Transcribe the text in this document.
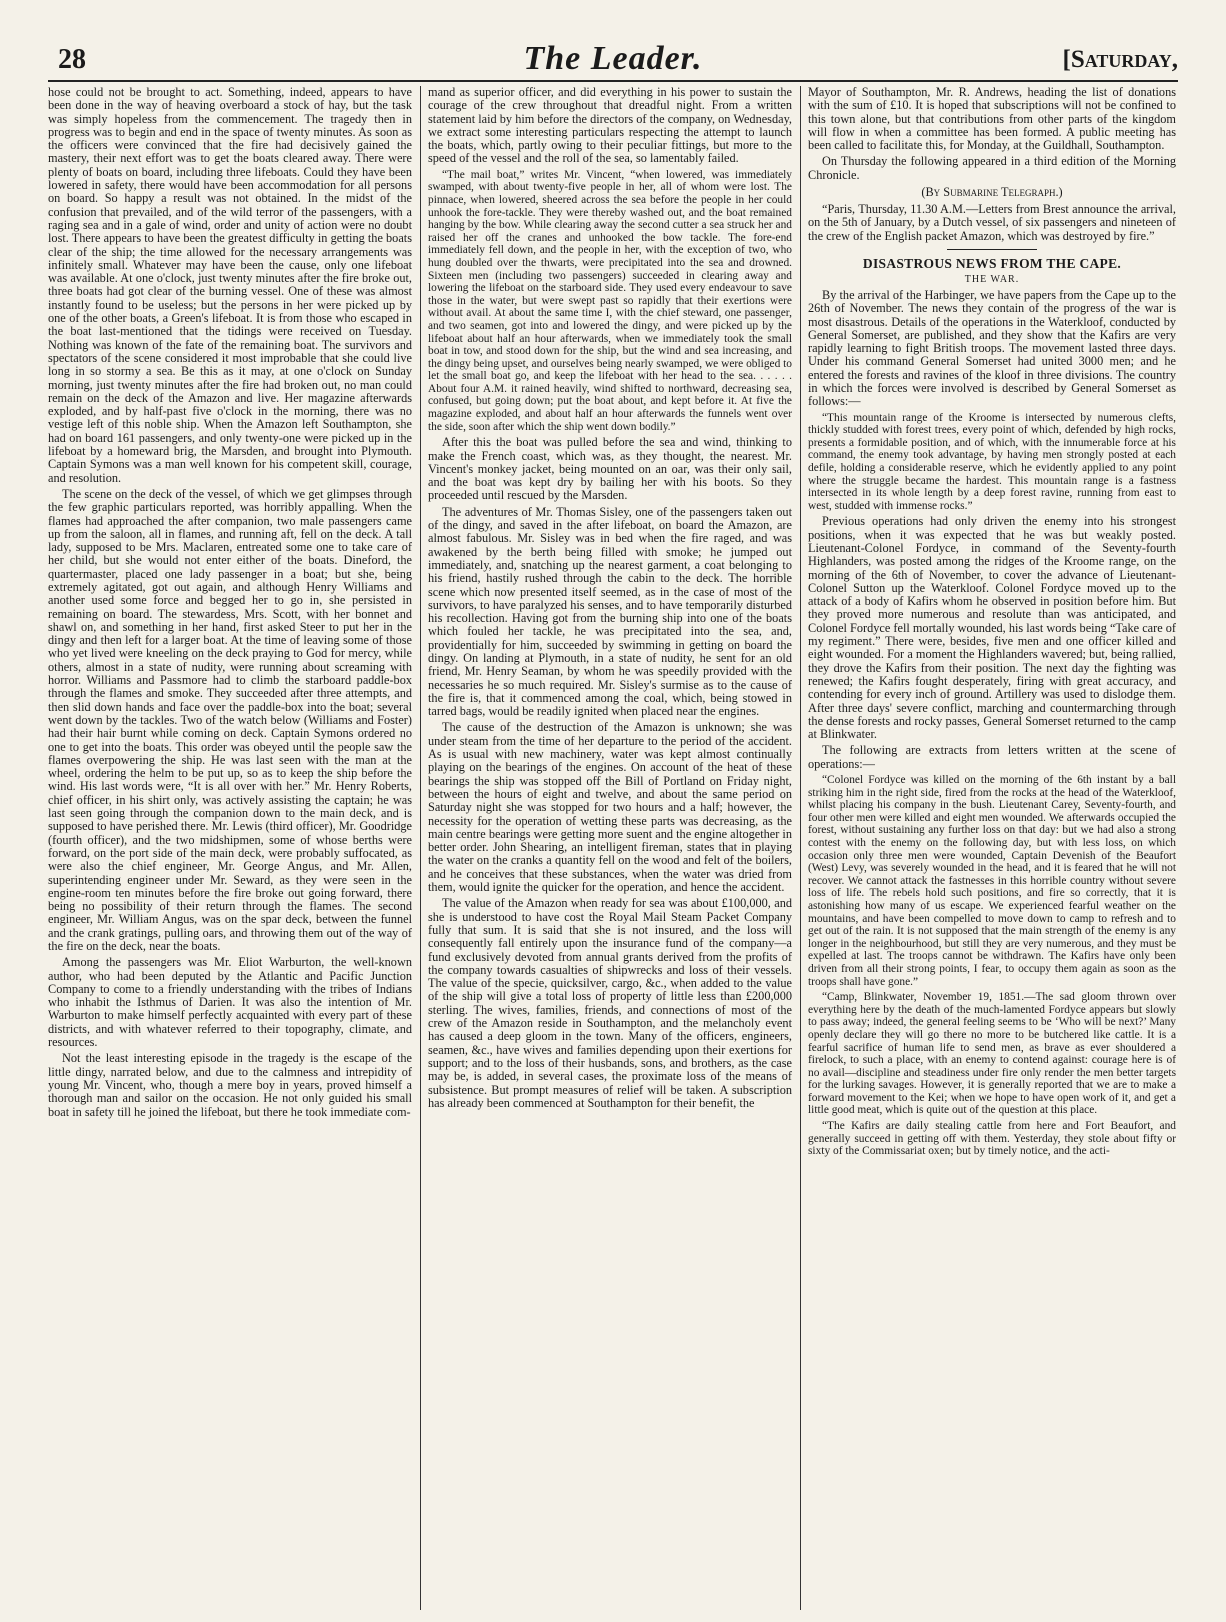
28	The Leader.	[Saturday,

hose could not be brought to act. Something, indeed, appears to have been done in the way of heaving overboard a stock of hay, but the task was simply hopeless from the commencement. The tragedy then in progress was to begin and end in the space of twenty minutes. As soon as the officers were convinced that the fire had decisively gained the mastery, their next effort was to get the boats cleared away. There were plenty of boats on board, including three lifeboats. Could they have been lowered in safety, there would have been accommodation for all persons on board. So happy a result was not obtained. In the midst of the confusion that prevailed, and of the wild terror of the passengers, with a raging sea and in a gale of wind, order and unity of action were no doubt lost. There appears to have been the greatest difficulty in getting the boats clear of the ship; the time allowed for the necessary arrangements was infinitely small. Whatever may have been the cause, only one lifeboat was available. At one o'clock, just twenty minutes after the fire broke out, three boats had got clear of the burning vessel. One of these was almost instantly found to be useless; but the persons in her were picked up by one of the other boats, a Green's lifeboat. It is from those who escaped in the boat last-mentioned that the tidings were received on Tuesday. Nothing was known of the fate of the remaining boat. The survivors and spectators of the scene considered it most improbable that she could live long in so stormy a sea. Be this as it may, at one o'clock on Sunday morning, just twenty minutes after the fire had broken out, no man could remain on the deck of the Amazon and live. Her magazine afterwards exploded, and by half-past five o'clock in the morning, there was no vestige left of this noble ship. When the Amazon left Southampton, she had on board 161 passengers, and only twenty-one were picked up in the lifeboat by a homeward brig, the Marsden, and brought into Plymouth. Captain Symons was a man well known for his competent skill, courage, and resolution.

The scene on the deck of the vessel, of which we get glimpses through the few graphic particulars reported, was horribly appalling. When the flames had approached the after companion, two male passengers came up from the saloon, all in flames, and running aft, fell on the deck. A tall lady, supposed to be Mrs. Maclaren, entreated some one to take care of her child, but she would not enter either of the boats. Dineford, the quartermaster, placed one lady passenger in a boat; but she, being extremely agitated, got out again, and although Henry Williams and another used some force and begged her to go in, she persisted in remaining on board. The stewardess, Mrs. Scott, with her bonnet and shawl on, and something in her hand, first asked Steer to put her in the dingy and then left for a larger boat. At the time of leaving some of those who yet lived were kneeling on the deck praying to God for mercy, while others, almost in a state of nudity, were running about screaming with horror. Williams and Passmore had to climb the starboard paddle-box through the flames and smoke. They succeeded after three attempts, and then slid down hands and face over the paddle-box into the boat; several went down by the tackles. Two of the watch below (Williams and Foster) had their hair burnt while coming on deck. Captain Symons ordered no one to get into the boats. This order was obeyed until the people saw the flames overpowering the ship. He was last seen with the man at the wheel, ordering the helm to be put up, so as to keep the ship before the wind. His last words were, “It is all over with her.” Mr. Henry Roberts, chief officer, in his shirt only, was actively assisting the captain; he was last seen going through the companion down to the main deck, and is supposed to have perished there. Mr. Lewis (third officer), Mr. Goodridge (fourth officer), and the two midshipmen, some of whose berths were forward, on the port side of the main deck, were probably suffocated, as were also the chief engineer, Mr. George Angus, and Mr. Allen, superintending engineer under Mr. Seward, as they were seen in the engine-room ten minutes before the fire broke out going forward, there being no possibility of their return through the flames. The second engineer, Mr. William Angus, was on the spar deck, between the funnel and the crank gratings, pulling oars, and throwing them out of the way of the fire on the deck, near the boats.

Among the passengers was Mr. Eliot Warburton, the well-known author, who had been deputed by the Atlantic and Pacific Junction Company to come to a friendly understanding with the tribes of Indians who inhabit the Isthmus of Darien. It was also the intention of Mr. Warburton to make himself perfectly acquainted with every part of these districts, and with whatever referred to their topography, climate, and resources.

Not the least interesting episode in the tragedy is the escape of the little dingy, narrated below, and due to the calmness and intrepidity of young Mr. Vincent, who, though a mere boy in years, proved himself a thorough man and sailor on the occasion. He not only guided his small boat in safety till he joined the lifeboat, but there he took immediate com-

mand as superior officer, and did everything in his power to sustain the courage of the crew throughout that dreadful night. From a written statement laid by him before the directors of the company, on Wednesday, we extract some interesting particulars respecting the attempt to launch the boats, which, partly owing to their peculiar fittings, but more to the speed of the vessel and the roll of the sea, so lamentably failed.

“The mail boat,” writes Mr. Vincent, “when lowered, was immediately swamped, with about twenty-five people in her, all of whom were lost. The pinnace, when lowered, sheered across the sea before the people in her could unhook the fore-tackle. They were thereby washed out, and the boat remained hanging by the bow. While clearing away the second cutter a sea struck her and raised her off the cranes and unhooked the bow tackle. The fore-end immediately fell down, and the people in her, with the exception of two, who hung doubled over the thwarts, were precipitated into the sea and drowned. Sixteen men (including two passengers) succeeded in clearing away and lowering the lifeboat on the starboard side. They used every endeavour to save those in the water, but were swept past so rapidly that their exertions were without avail. At about the same time I, with the chief steward, one passenger, and two seamen, got into and lowered the dingy, and were picked up by the lifeboat about half an hour afterwards, when we immediately took the small boat in tow, and stood down for the ship, but the wind and sea increasing, and the dingy being upset, and ourselves being nearly swamped, we were obliged to let the small boat go, and keep the lifeboat with her head to the sea. . . . . . About four A.M. it rained heavily, wind shifted to northward, decreasing sea, confused, but going down; put the boat about, and kept before it. At five the magazine exploded, and about half an hour afterwards the funnels went over the side, soon after which the ship went down bodily.”

After this the boat was pulled before the sea and wind, thinking to make the French coast, which was, as they thought, the nearest. Mr. Vincent's monkey jacket, being mounted on an oar, was their only sail, and the boat was kept dry by bailing her with his boots. So they proceeded until rescued by the Marsden.

The adventures of Mr. Thomas Sisley, one of the passengers taken out of the dingy, and saved in the after lifeboat, on board the Amazon, are almost fabulous. Mr. Sisley was in bed when the fire raged, and was awakened by the berth being filled with smoke; he jumped out immediately, and, snatching up the nearest garment, a coat belonging to his friend, hastily rushed through the cabin to the deck. The horrible scene which now presented itself seemed, as in the case of most of the survivors, to have paralyzed his senses, and to have temporarily disturbed his recollection. Having got from the burning ship into one of the boats which fouled her tackle, he was precipitated into the sea, and, providentially for him, succeeded by swimming in getting on board the dingy. On landing at Plymouth, in a state of nudity, he sent for an old friend, Mr. Henry Seaman, by whom he was speedily provided with the necessaries he so much required. Mr. Sisley's surmise as to the cause of the fire is, that it commenced among the coal, which, being stowed in tarred bags, would be readily ignited when placed near the engines.

The cause of the destruction of the Amazon is unknown; she was under steam from the time of her departure to the period of the accident. As is usual with new machinery, water was kept almost continually playing on the bearings of the engines. On account of the heat of these bearings the ship was stopped off the Bill of Portland on Friday night, between the hours of eight and twelve, and about the same period on Saturday night she was stopped for two hours and a half; however, the necessity for the operation of wetting these parts was decreasing, as the main centre bearings were getting more suent and the engine altogether in better order. John Shearing, an intelligent fireman, states that in playing the water on the cranks a quantity fell on the wood and felt of the boilers, and he conceives that these substances, when the water was dried from them, would ignite the quicker for the operation, and hence the accident.

The value of the Amazon when ready for sea was about £100,000, and she is understood to have cost the Royal Mail Steam Packet Company fully that sum. It is said that she is not insured, and the loss will consequently fall entirely upon the insurance fund of the company—a fund exclusively devoted from annual grants derived from the profits of the company towards casualties of shipwrecks and loss of their vessels. The value of the specie, quicksilver, cargo, &c., when added to the value of the ship will give a total loss of property of little less than £200,000 sterling. The wives, families, friends, and connections of most of the crew of the Amazon reside in Southampton, and the melancholy event has caused a deep gloom in the town. Many of the officers, engineers, seamen, &c., have wives and families depending upon their exertions for support; and to the loss of their husbands, sons, and brothers, as the case may be, is added, in several cases, the proximate loss of the means of subsistence. But prompt measures of relief will be taken. A subscription has already been commenced at Southampton for their benefit, the

Mayor of Southampton, Mr. R. Andrews, heading the list of donations with the sum of £10. It is hoped that subscriptions will not be confined to this town alone, but that contributions from other parts of the kingdom will flow in when a committee has been formed. A public meeting has been called to facilitate this, for Monday, at the Guildhall, Southampton.

On Thursday the following appeared in a third edition of the Morning Chronicle.

(By Submarine Telegraph.)

“Paris, Thursday, 11.30 A.M.—Letters from Brest announce the arrival, on the 5th of January, by a Dutch vessel, of six passengers and nineteen of the crew of the English packet Amazon, which was destroyed by fire.”

DISASTROUS NEWS FROM THE CAPE.
THE WAR.

By the arrival of the Harbinger, we have papers from the Cape up to the 26th of November. The news they contain of the progress of the war is most disastrous. Details of the operations in the Waterkloof, conducted by General Somerset, are published, and they show that the Kafirs are very rapidly learning to fight British troops. The movement lasted three days. Under his command General Somerset had united 3000 men; and he entered the forests and ravines of the kloof in three divisions. The country in which the forces were involved is described by General Somerset as follows:—

“This mountain range of the Kroome is intersected by numerous clefts, thickly studded with forest trees, every point of which, defended by high rocks, presents a formidable position, and of which, with the innumerable force at his command, the enemy took advantage, by having men strongly posted at each defile, holding a considerable reserve, which he evidently applied to any point where the struggle became the hardest. This mountain range is a fastness intersected in its whole length by a deep forest ravine, running from east to west, studded with immense rocks.”

Previous operations had only driven the enemy into his strongest positions, when it was expected that he was but weakly posted. Lieutenant-Colonel Fordyce, in command of the Seventy-fourth Highlanders, was posted among the ridges of the Kroome range, on the morning of the 6th of November, to cover the advance of Lieutenant-Colonel Sutton up the Waterkloof. Colonel Fordyce moved up to the attack of a body of Kafirs whom he observed in position before him. But they proved more numerous and resolute than was anticipated, and Colonel Fordyce fell mortally wounded, his last words being “Take care of my regiment.” There were, besides, five men and one officer killed and eight wounded. For a moment the Highlanders wavered; but, being rallied, they drove the Kafirs from their position. The next day the fighting was renewed; the Kafirs fought desperately, firing with great accuracy, and contending for every inch of ground. Artillery was used to dislodge them. After three days' severe conflict, marching and countermarching through the dense forests and rocky passes, General Somerset returned to the camp at Blinkwater.

The following are extracts from letters written at the scene of operations:—

“Colonel Fordyce was killed on the morning of the 6th instant by a ball striking him in the right side, fired from the rocks at the head of the Waterkloof, whilst placing his company in the bush. Lieutenant Carey, Seventy-fourth, and four other men were killed and eight men wounded. We afterwards occupied the forest, without sustaining any further loss on that day: but we had also a strong contest with the enemy on the following day, but with less loss, on which occasion only three men were wounded, Captain Devenish of the Beaufort (West) Levy, was severely wounded in the head, and it is feared that he will not recover. We cannot attack the fastnesses in this horrible country without severe loss of life. The rebels hold such positions, and fire so correctly, that it is astonishing how many of us escape. We experienced fearful weather on the mountains, and have been compelled to move down to camp to refresh and to get out of the rain. It is not supposed that the main strength of the enemy is any longer in the neighbourhood, but still they are very numerous, and they must be expelled at last. The troops cannot be withdrawn. The Kafirs have only been driven from all their strong points, I fear, to occupy them again as soon as the troops shall have gone.”

“Camp, Blinkwater, November 19, 1851.—The sad gloom thrown over everything here by the death of the much-lamented Fordyce appears but slowly to pass away; indeed, the general feeling seems to be ‘Who will be next?’ Many openly declare they will go there no more to be butchered like cattle. It is a fearful sacrifice of human life to send men, as brave as ever shouldered a firelock, to such a place, with an enemy to contend against: courage here is of no avail—discipline and steadiness under fire only render the men better targets for the lurking savages. However, it is generally reported that we are to make a forward movement to the Kei; when we hope to have open work of it, and get a little good meat, which is quite out of the question at this place.

“The Kafirs are daily stealing cattle from here and Fort Beaufort, and generally succeed in getting off with them. Yesterday, they stole about fifty or sixty of the Commissariat oxen; but by timely notice, and the acti-
